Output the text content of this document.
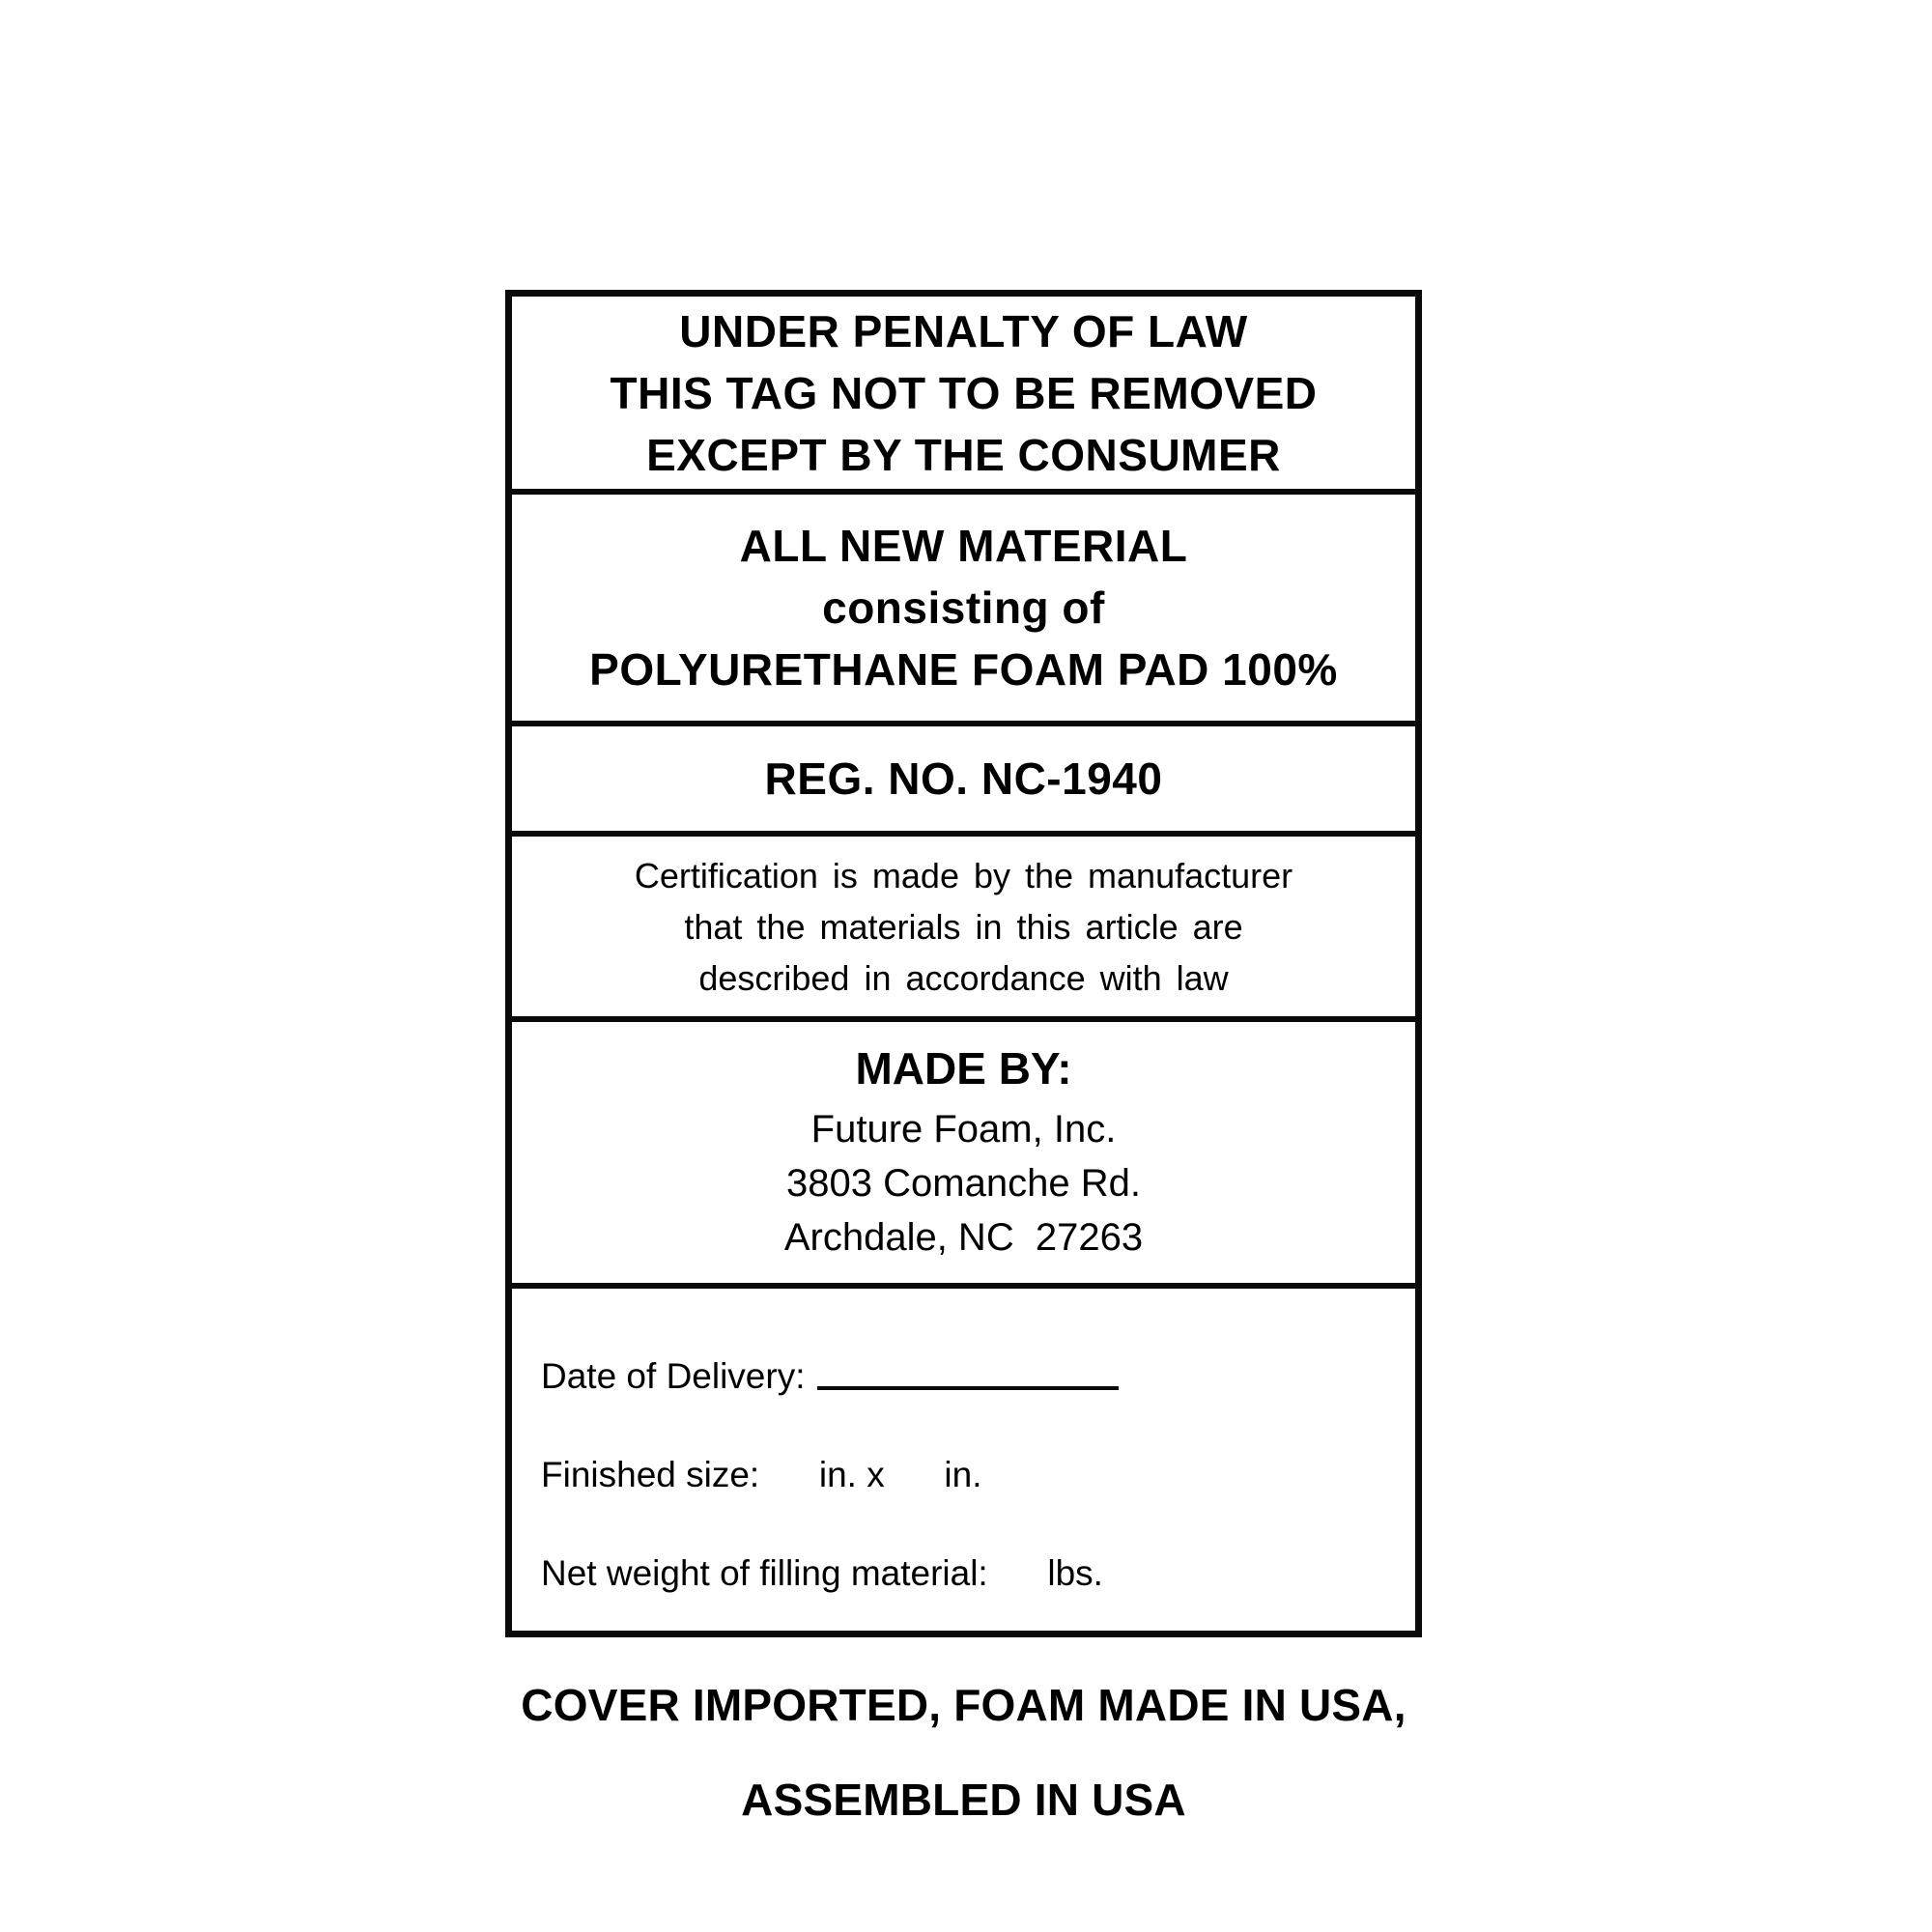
UNDER PENALTY OF LAW
THIS TAG NOT TO BE REMOVED
EXCEPT BY THE CONSUMER
ALL NEW MATERIAL
consisting of
POLYURETHANE FOAM PAD 100%
REG. NO. NC-1940
Certification is made by the manufacturer
that the materials in this article are
described in accordance with law
MADE BY:
Future Foam, Inc.
3803 Comanche Rd.
Archdale, NC  27263

Date of Delivery:

Finished size:      in. x      in.

Net weight of filling material:      lbs.

COVER IMPORTED, FOAM MADE IN USA,

ASSEMBLED IN USA
